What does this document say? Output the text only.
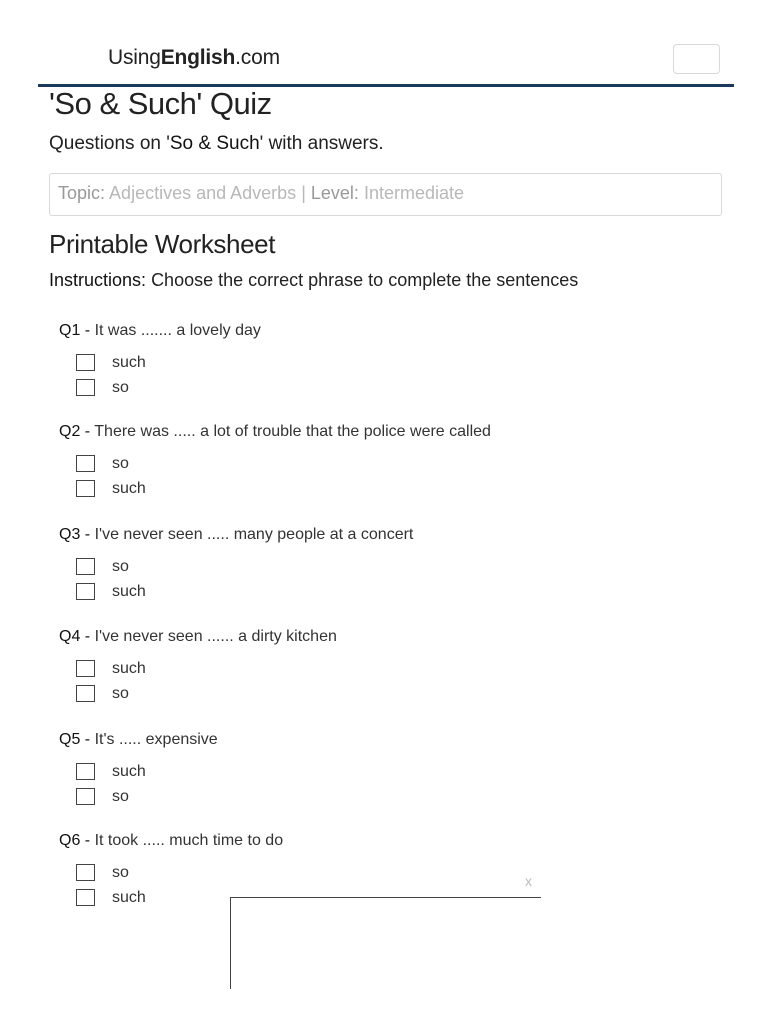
UsingEnglish.com
'So & Such' Quiz
Questions on 'So & Such' with answers.
Topic: Adjectives and Adverbs | Level: Intermediate
Printable Worksheet
Instructions: Choose the correct phrase to complete the sentences
Q1 - It was ....... a lovely day
such
so
Q2 - There was ..... a lot of trouble that the police were called
so
such
Q3 - I've never seen ..... many people at a concert
so
such
Q4 - I've never seen ...... a dirty kitchen
such
so
Q5 - It's ..... expensive
such
so
Q6 - It took ..... much time to do
so
such
x
